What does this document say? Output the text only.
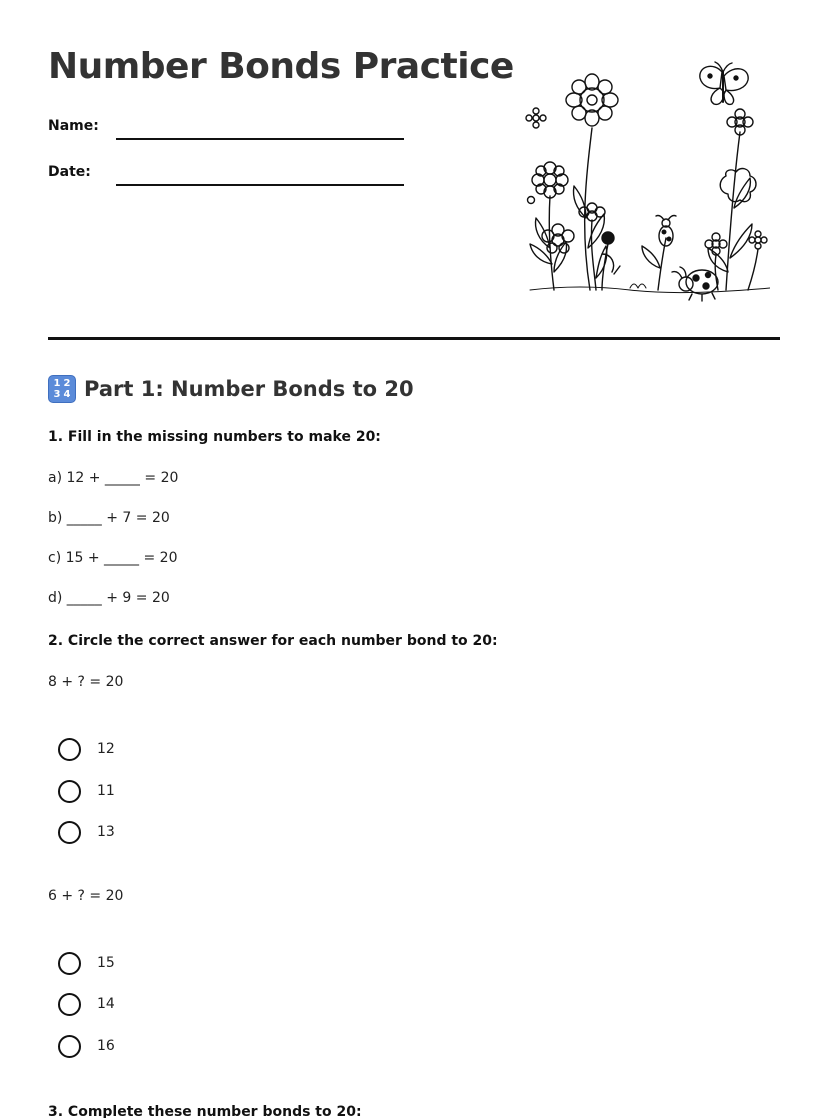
Number Bonds Practice
Name:
Date:
1 2
3 4 Part 1: Number Bonds to 20
1. Fill in the missing numbers to make 20:
a) 12 + _____ = 20
b) _____ + 7 = 20
c) 15 + _____ = 20
d) _____ + 9 = 20
2. Circle the correct answer for each number bond to 20:
8 + ? = 20
12
11
13
6 + ? = 20
15
14
16
3. Complete these number bonds to 20:
